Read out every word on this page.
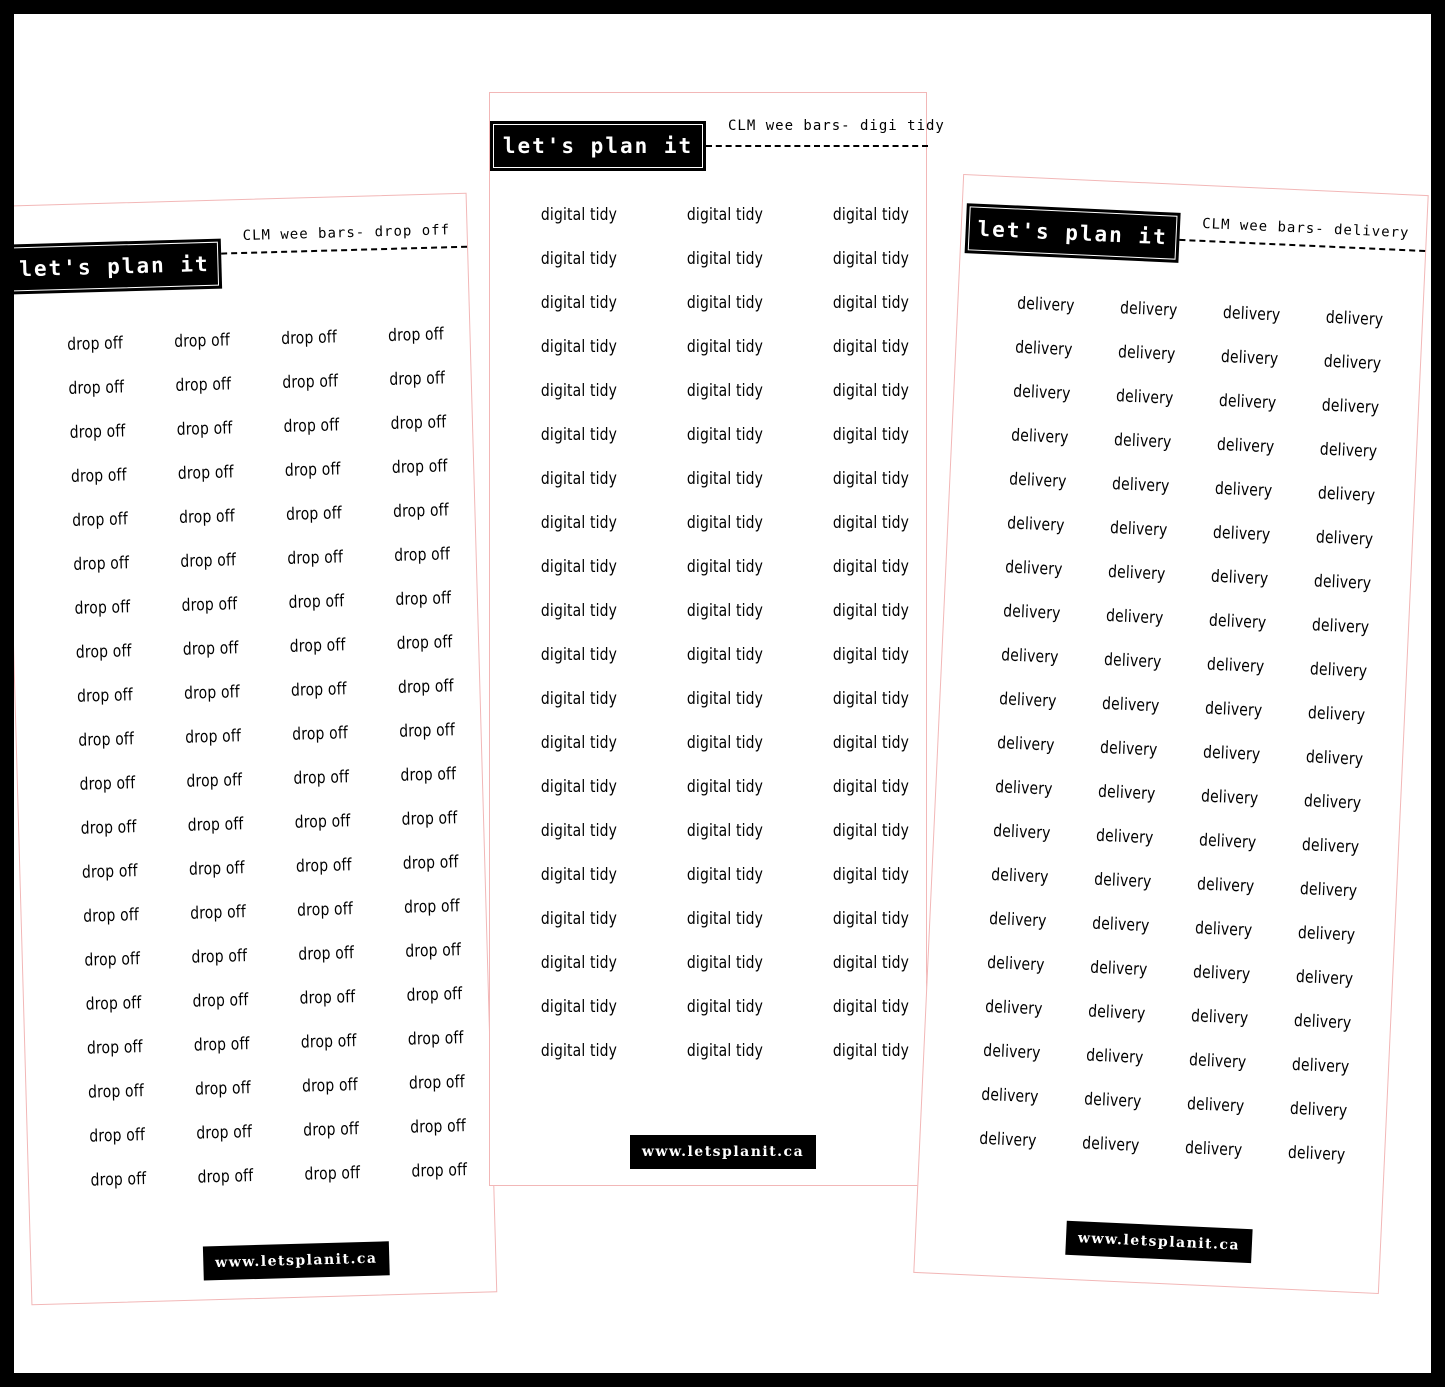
let's plan it
CLM wee bars- drop off
drop off	drop off	drop off	drop off
drop off	drop off	drop off	drop off
drop off	drop off	drop off	drop off
drop off	drop off	drop off	drop off
drop off	drop off	drop off	drop off
drop off	drop off	drop off	drop off
drop off	drop off	drop off	drop off
drop off	drop off	drop off	drop off
drop off	drop off	drop off	drop off
drop off	drop off	drop off	drop off
drop off	drop off	drop off	drop off
drop off	drop off	drop off	drop off
drop off	drop off	drop off	drop off
drop off	drop off	drop off	drop off
drop off	drop off	drop off	drop off
drop off	drop off	drop off	drop off
drop off	drop off	drop off	drop off
drop off	drop off	drop off	drop off
drop off	drop off	drop off	drop off
drop off	drop off	drop off	drop off
www.letsplanit.ca
let's plan it
CLM wee bars- digi tidy
digital tidy	digital tidy	digital tidy
digital tidy	digital tidy	digital tidy
digital tidy	digital tidy	digital tidy
digital tidy	digital tidy	digital tidy
digital tidy	digital tidy	digital tidy
digital tidy	digital tidy	digital tidy
digital tidy	digital tidy	digital tidy
digital tidy	digital tidy	digital tidy
digital tidy	digital tidy	digital tidy
digital tidy	digital tidy	digital tidy
digital tidy	digital tidy	digital tidy
digital tidy	digital tidy	digital tidy
digital tidy	digital tidy	digital tidy
digital tidy	digital tidy	digital tidy
digital tidy	digital tidy	digital tidy
digital tidy	digital tidy	digital tidy
digital tidy	digital tidy	digital tidy
digital tidy	digital tidy	digital tidy
digital tidy	digital tidy	digital tidy
digital tidy	digital tidy	digital tidy
www.letsplanit.ca
let's plan it	CLM wee bars- delivery
delivery	delivery	delivery	delivery
delivery	delivery	delivery	delivery
delivery	delivery	delivery	delivery
delivery	delivery	delivery	delivery
delivery	delivery	delivery	delivery
delivery	delivery	delivery	delivery
delivery	delivery	delivery	delivery
delivery	delivery	delivery	delivery
delivery	delivery	delivery	delivery
delivery	delivery	delivery	delivery
delivery	delivery	delivery	delivery
delivery	delivery	delivery	delivery
delivery	delivery	delivery	delivery
delivery	delivery	delivery	delivery
delivery	delivery	delivery	delivery
delivery	delivery	delivery	delivery
delivery	delivery	delivery	delivery
delivery	delivery	delivery	delivery
delivery	delivery	delivery	delivery
delivery	delivery	delivery	delivery
www.letsplanit.ca
